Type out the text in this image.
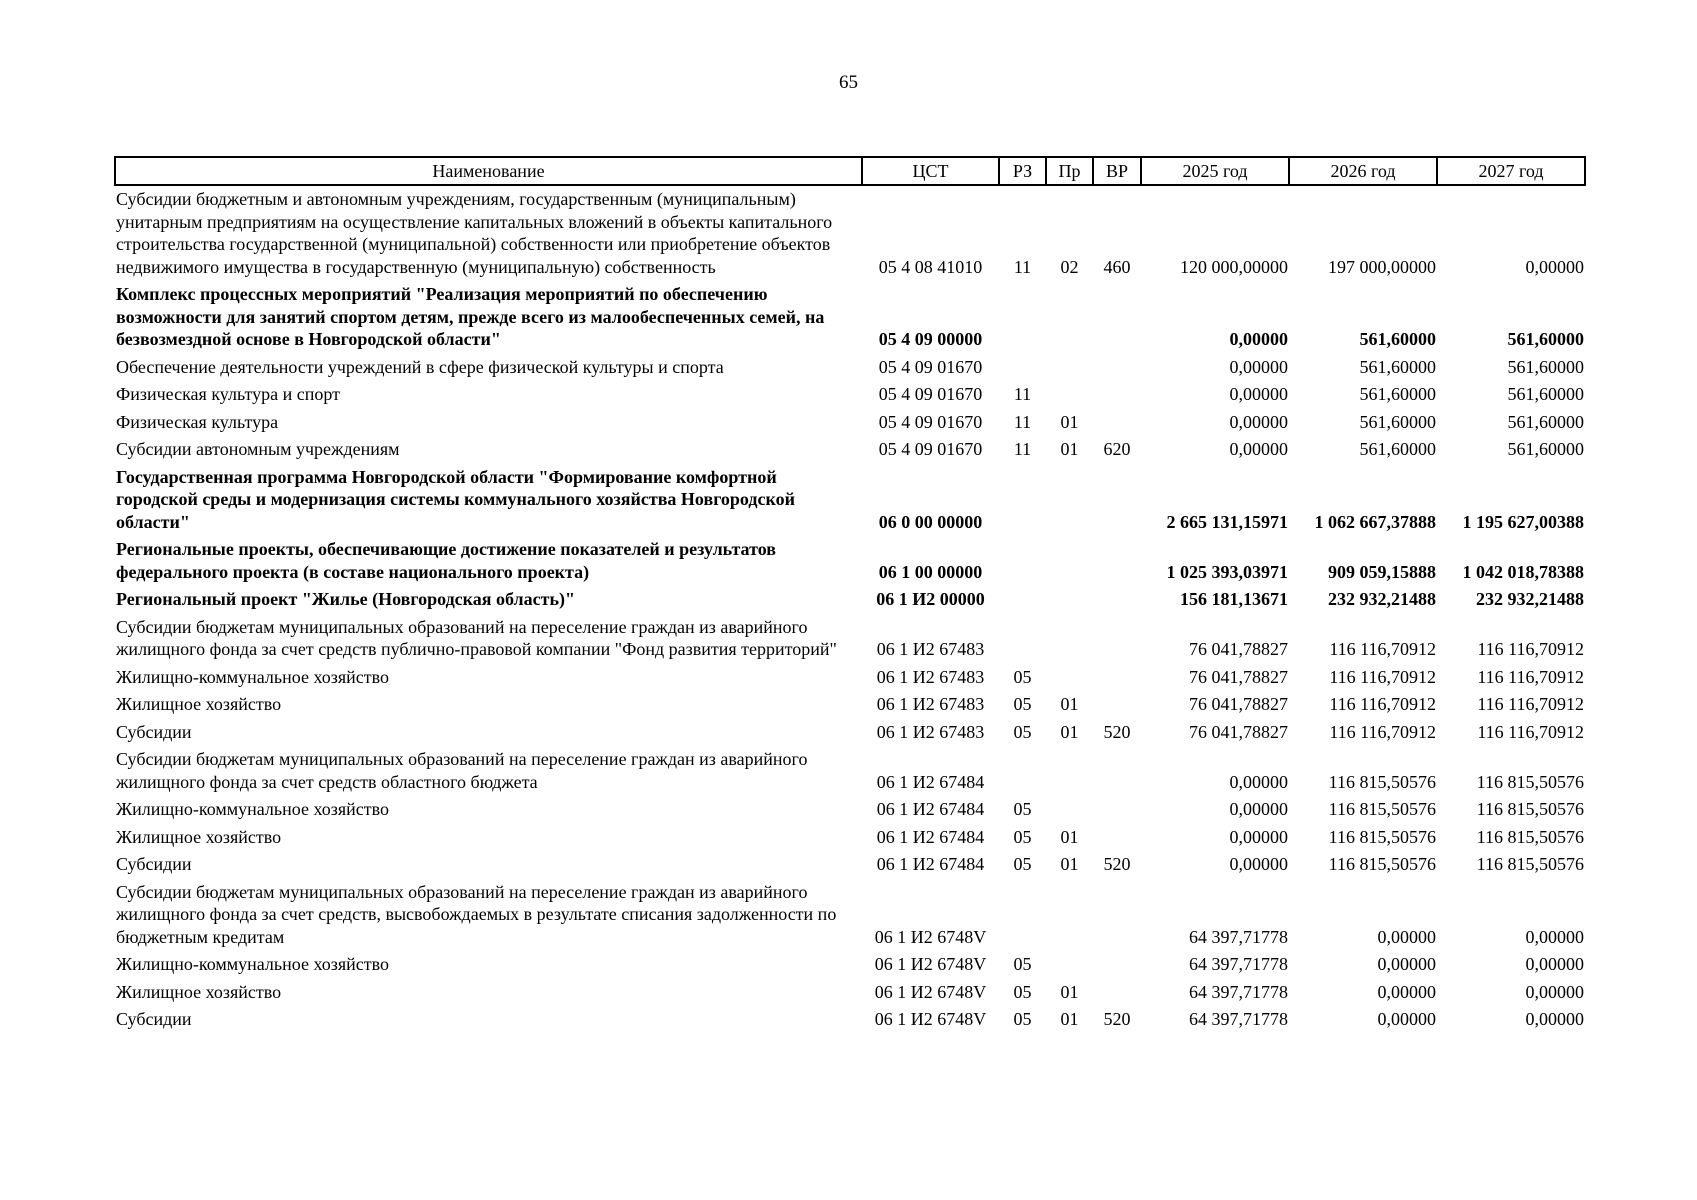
65
Наименование	ЦСТ	РЗ	Пр	ВР	2025 год	2026 год	2027 год
Субсидии бюджетным и автономным учреждениям, государственным (муниципальным) унитарным предприятиям на осуществление капитальных вложений в объекты капитального строительства государственной (муниципальной) собственности или приобретение объектов недвижимого имущества в государственную (муниципальную) собственность	05 4 08 41010	11	02	460	120 000,00000	197 000,00000	0,00000
Комплекс процессных мероприятий "Реализация мероприятий по обеспечению возможности для занятий спортом детям, прежде всего из малообеспеченных семей, на безвозмездной основе в Новгородской области"	05 4 09 00000				0,00000	561,60000	561,60000
Обеспечение деятельности учреждений в сфере физической культуры и спорта	05 4 09 01670				0,00000	561,60000	561,60000
Физическая культура и спорт	05 4 09 01670	11			0,00000	561,60000	561,60000
Физическая культура	05 4 09 01670	11	01		0,00000	561,60000	561,60000
Субсидии автономным учреждениям	05 4 09 01670	11	01	620	0,00000	561,60000	561,60000
Государственная программа Новгородской области "Формирование комфортной городской среды и модернизация системы коммунального хозяйства Новгородской области"	06 0 00 00000				2 665 131,15971	1 062 667,37888	1 195 627,00388
Региональные проекты, обеспечивающие достижение показателей и результатов федерального проекта (в составе национального проекта)	06 1 00 00000				1 025 393,03971	909 059,15888	1 042 018,78388
Региональный проект "Жилье (Новгородская область)"	06 1 И2 00000				156 181,13671	232 932,21488	232 932,21488
Субсидии бюджетам муниципальных образований на переселение граждан из аварийного жилищного фонда за счет средств публично-правовой компании "Фонд развития территорий"	06 1 И2 67483				76 041,78827	116 116,70912	116 116,70912
Жилищно-коммунальное хозяйство	06 1 И2 67483	05			76 041,78827	116 116,70912	116 116,70912
Жилищное хозяйство	06 1 И2 67483	05	01		76 041,78827	116 116,70912	116 116,70912
Субсидии	06 1 И2 67483	05	01	520	76 041,78827	116 116,70912	116 116,70912
Субсидии бюджетам муниципальных образований на переселение граждан из аварийного жилищного фонда за счет средств областного бюджета	06 1 И2 67484				0,00000	116 815,50576	116 815,50576
Жилищно-коммунальное хозяйство	06 1 И2 67484	05			0,00000	116 815,50576	116 815,50576
Жилищное хозяйство	06 1 И2 67484	05	01		0,00000	116 815,50576	116 815,50576
Субсидии	06 1 И2 67484	05	01	520	0,00000	116 815,50576	116 815,50576
Субсидии бюджетам муниципальных образований на переселение граждан из аварийного жилищного фонда за счет средств, высвобождаемых в результате списания задолженности по бюджетным кредитам	06 1 И2 6748V				64 397,71778	0,00000	0,00000
Жилищно-коммунальное хозяйство	06 1 И2 6748V	05			64 397,71778	0,00000	0,00000
Жилищное хозяйство	06 1 И2 6748V	05	01		64 397,71778	0,00000	0,00000
Субсидии	06 1 И2 6748V	05	01	520	64 397,71778	0,00000	0,00000
